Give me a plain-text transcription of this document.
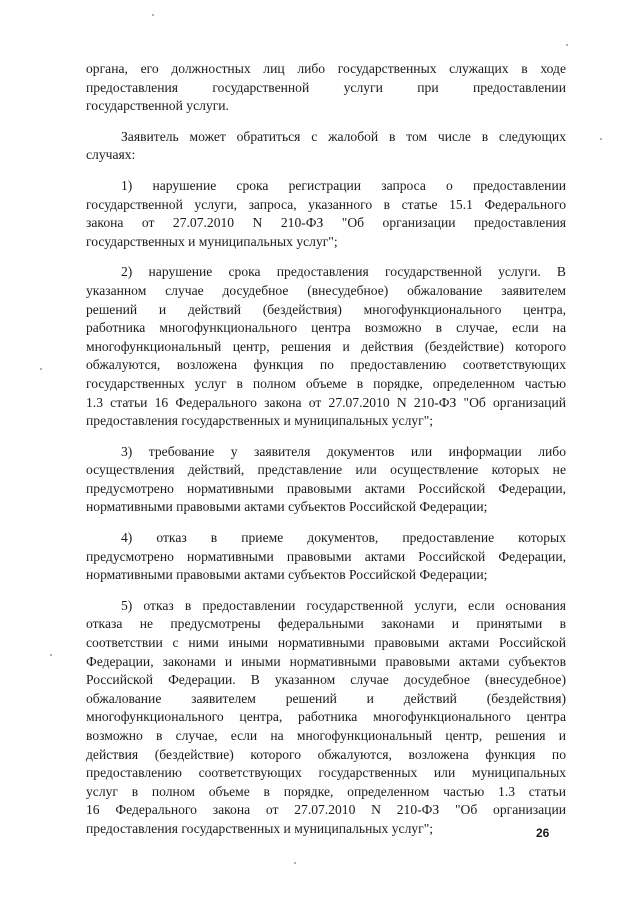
органа, его должностных лиц либо государственных служащих в ходе
предоставления государственной услуги при предоставлении
государственной услуги.
Заявитель может обратиться с жалобой в том числе в следующих
случаях:
1) нарушение срока регистрации запроса о предоставлении
государственной услуги, запроса, указанного в статье 15.1 Федерального
закона от 27.07.2010 N 210-ФЗ "Об организации предоставления
государственных и муниципальных услуг";
2) нарушение срока предоставления государственной услуги. В
указанном случае досудебное (внесудебное) обжалование заявителем
решений и действий (бездействия) многофункционального центра,
работника многофункционального центра возможно в случае, если на
многофункциональный центр, решения и действия (бездействие) которого
обжалуются, возложена функция по предоставлению соответствующих
государственных услуг в полном объеме в порядке, определенном частью
1.3 статьи 16 Федерального закона от 27.07.2010 N 210-ФЗ "Об организаций
предоставления государственных и муниципальных услуг";
3) требование у заявителя документов или информации либо
осуществления действий, представление или осуществление которых не
предусмотрено нормативными правовыми актами Российской Федерации,
нормативными правовыми актами субъектов Российской Федерации;
4) отказ в приеме документов, предоставление которых
предусмотрено нормативными правовыми актами Российской Федерации,
нормативными правовыми актами субъектов Российской Федерации;
5) отказ в предоставлении государственной услуги, если основания
отказа не предусмотрены федеральными законами и принятыми в
соответствии с ними иными нормативными правовыми актами Российской
Федерации, законами и иными нормативными правовыми актами субъектов
Российской Федерации. В указанном случае досудебное (внесудебное)
обжалование заявителем решений и действий (бездействия)
многофункционального центра, работника многофункционального центра
возможно в случае, если на многофункциональный центр, решения и
действия (бездействие) которого обжалуются, возложена функция по
предоставлению соответствующих государственных или муниципальных
услуг в полном объеме в порядке, определенном частью 1.3 статьи
16 Федерального закона от 27.07.2010 N 210-ФЗ "Об организации
предоставления государственных и муниципальных услуг";	26
